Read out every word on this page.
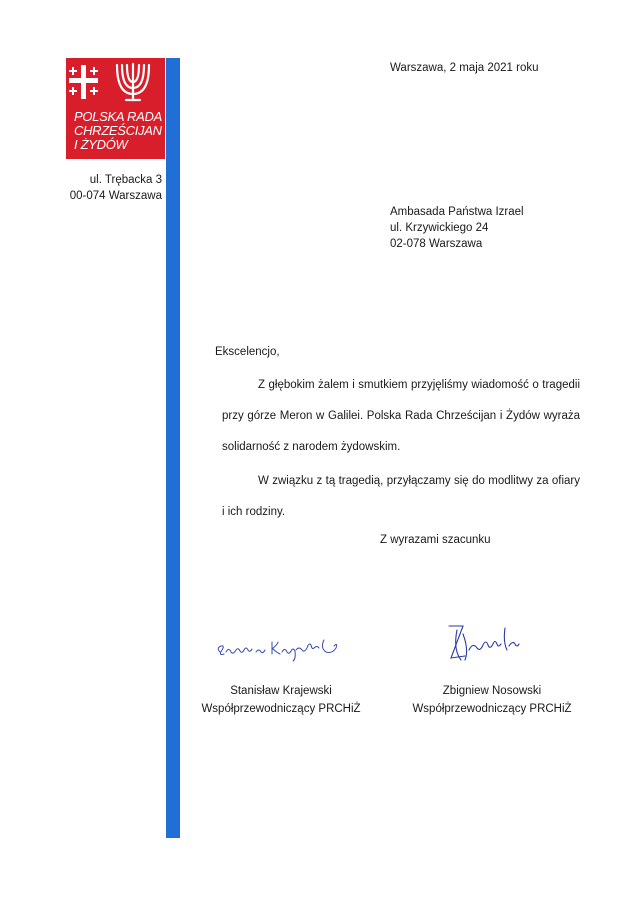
POLSKA RADA
CHRZEŚCIJAN
I ŻYDÓW
ul. Trębacka 3
00-074 Warszawa
Warszawa, 2 maja 2021 roku
Ambasada Państwa Izrael
ul. Krzywickiego 24
02-078 Warszawa
Ekscelencjo,
Z głębokim żalem i smutkiem przyjęliśmy wiadomość o tragedii przy górze Meron w Galilei. Polska Rada Chrześcijan i Żydów wyraża solidarność z narodem żydowskim.
W związku z tą tragedią, przyłączamy się do modlitwy za ofiary i ich rodziny.
Z wyrazami szacunku
Stanisław Krajewski
Współprzewodniczący PRCHiŻ
Zbigniew Nosowski
Współprzewodniczący PRCHiŻ
